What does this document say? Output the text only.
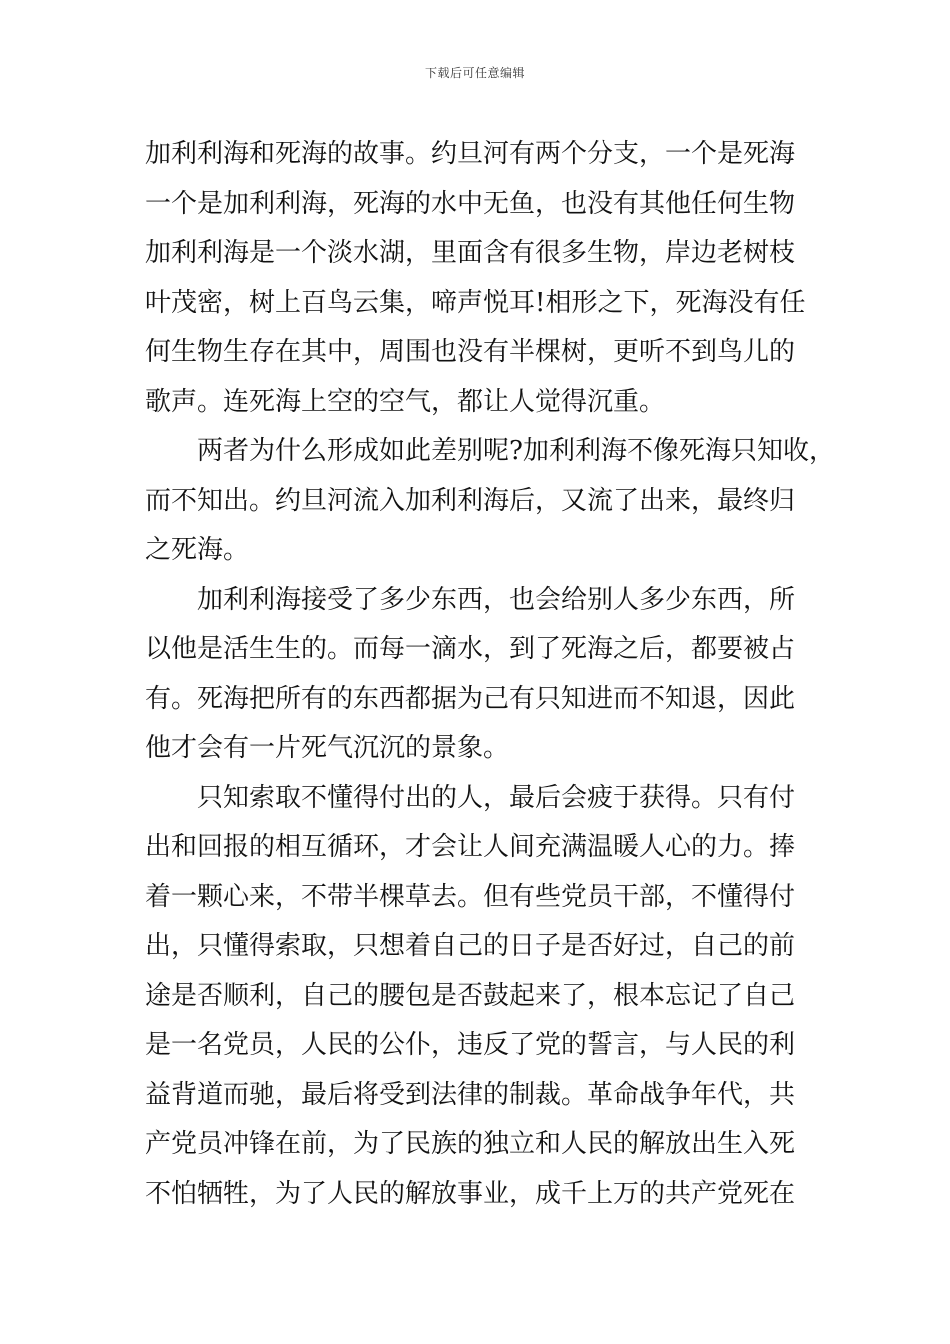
下载后可任意编辑
加利利海和死海的故事。约旦河有两个分支，一个是死海
一个是加利利海，死海的水中无鱼，也没有其他任何生物
加利利海是一个淡水湖，里面含有很多生物，岸边老树枝
叶茂密，树上百鸟云集，啼声悦耳!相形之下，死海没有任
何生物生存在其中，周围也没有半棵树，更听不到鸟儿的
歌声。连死海上空的空气，都让人觉得沉重。
两者为什么形成如此差别呢?加利利海不像死海只知收，
而不知出。约旦河流入加利利海后，又流了出来，最终归
之死海。
加利利海接受了多少东西，也会给别人多少东西，所
以他是活生生的。而每一滴水，到了死海之后，都要被占
有。死海把所有的东西都据为己有只知进而不知退，因此
他才会有一片死气沉沉的景象。
只知索取不懂得付出的人，最后会疲于获得。只有付
出和回报的相互循环，才会让人间充满温暖人心的力。捧
着一颗心来，不带半棵草去。但有些党员干部，不懂得付
出，只懂得索取，只想着自己的日子是否好过，自己的前
途是否顺利，自己的腰包是否鼓起来了，根本忘记了自己
是一名党员，人民的公仆，违反了党的誓言，与人民的利
益背道而驰，最后将受到法律的制裁。革命战争年代，共
产党员冲锋在前，为了民族的独立和人民的解放出生入死
不怕牺牲，为了人民的解放事业，成千上万的共产党死在
